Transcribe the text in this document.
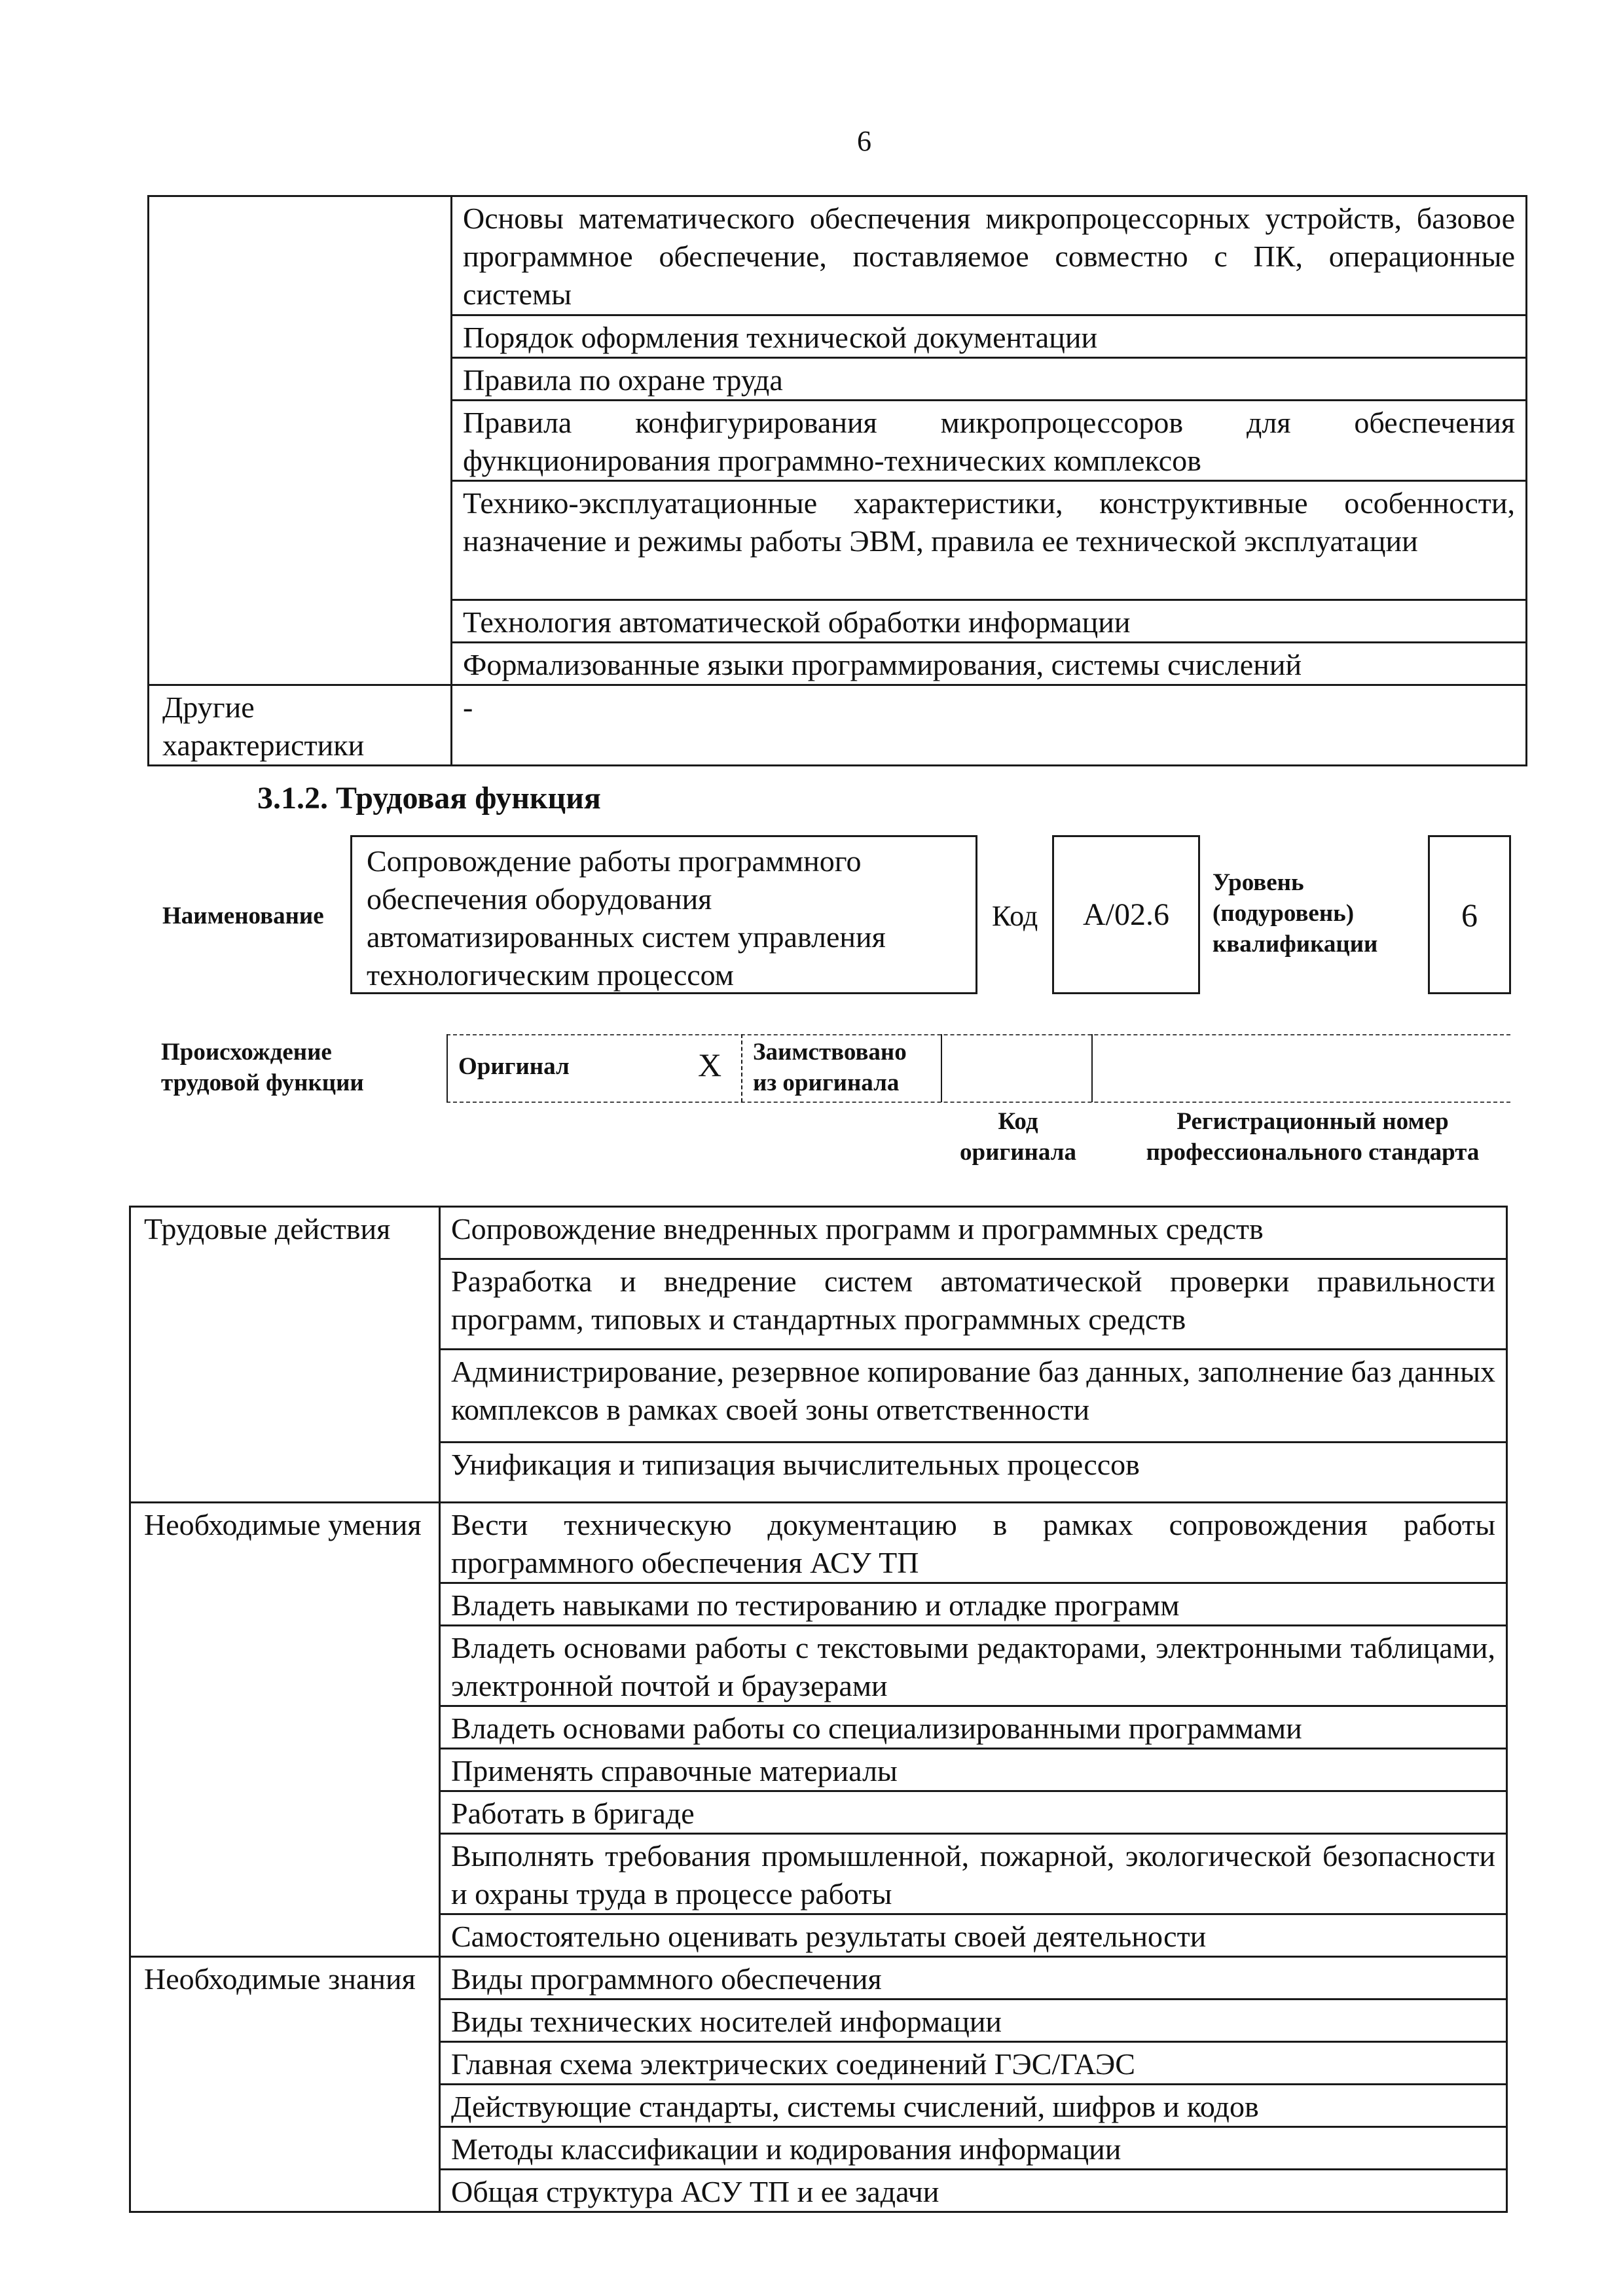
6
	Основы математического обеспечения микропроцессорных устройств, базовое программное обеспечение, поставляемое совместно с ПК, операционные системы
	Порядок оформления технической документации
	Правила по охране труда
	Правила конфигурирования микропроцессоров для обеспечения функционирования программно-технических комплексов
	Технико-эксплуатационные характеристики, конструктивные особенности, назначение и режимы работы ЭВМ, правила ее технической эксплуатации
	Технология автоматической обработки информации
	Формализованные языки программирования, системы счислений
Другие характеристики	-
3.1.2. Трудовая функция
Наименование
Сопровождение работы программного обеспечения оборудования автоматизированных систем управления технологическим процессом
Код A/02.6
Уровень (подуровень) квалификации
6
Происхождение трудовой функции
Оригинал	X Заимствовано из оригинала
Код оригинала
Регистрационный номер профессионального стандарта
Трудовые действия	Сопровождение внедренных программ и программных средств
	Разработка и внедрение систем автоматической проверки правильности программ, типовых и стандартных программных средств
	Администрирование, резервное копирование баз данных, заполнение баз данных комплексов в рамках своей зоны ответственности
	Унификация и типизация вычислительных процессов
Необходимые умения	Вести техническую документацию в рамках сопровождения работы программного обеспечения АСУ ТП
	Владеть навыками по тестированию и отладке программ
	Владеть основами работы с текстовыми редакторами, электронными таблицами, электронной почтой и браузерами
	Владеть основами работы со специализированными программами
	Применять справочные материалы
	Работать в бригаде
	Выполнять требования промышленной, пожарной, экологической безопасности и охраны труда в процессе работы
	Самостоятельно оценивать результаты своей деятельности
Необходимые знания	Виды программного обеспечения
	Виды технических носителей информации
	Главная схема электрических соединений ГЭС/ГАЭС
	Действующие стандарты, системы счислений, шифров и кодов
	Методы классификации и кодирования информации
	Общая структура АСУ ТП и ее задачи
